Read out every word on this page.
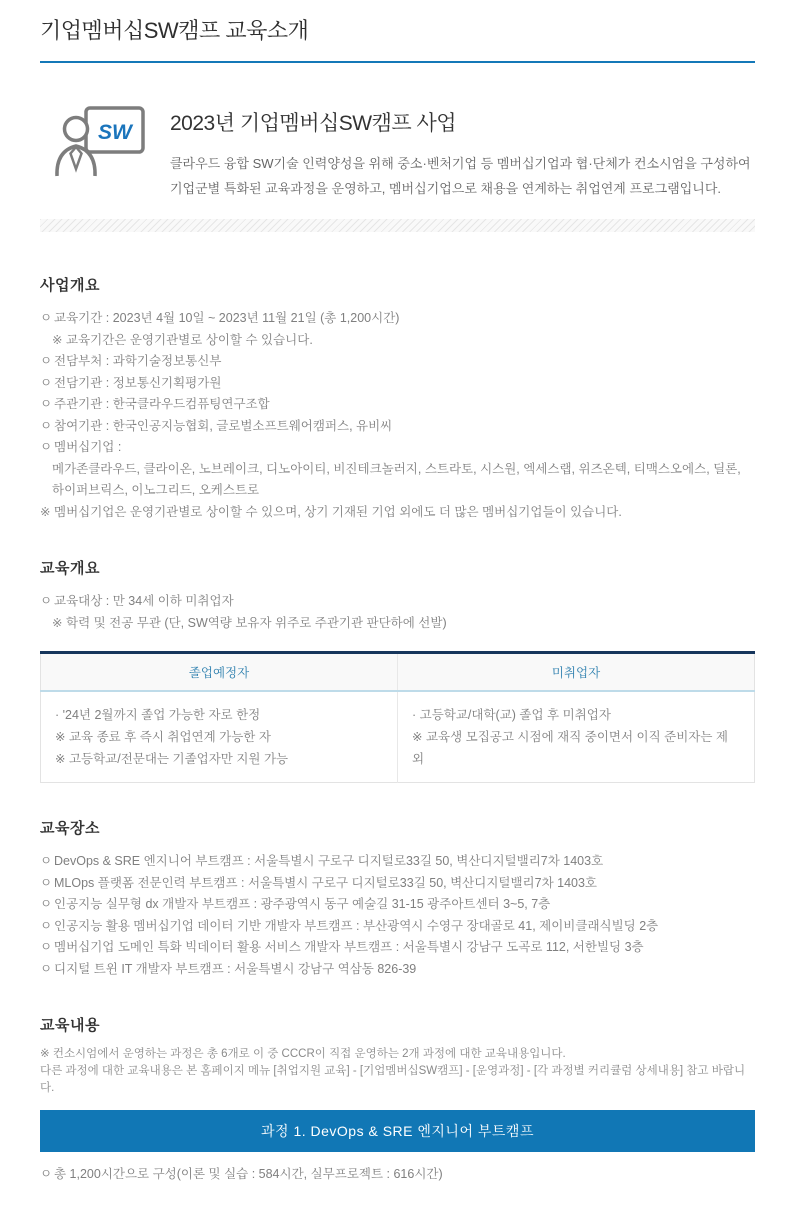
기업멤버십SW캠프 교육소개
SW 2023년 기업멤버십SW캠프 사업
클라우드 융합 SW기술 인력양성을 위해 중소·벤처기업 등 멤버십기업과 협·단체가 컨소시엄을 구성하여 기업군별 특화된 교육과정을 운영하고, 멤버십기업으로 채용을 연계하는 취업연계 프로그램입니다.
사업개요
ㅇ 교육기간 : 2023년 4월 10일 ~ 2023년 11월 21일 (총 1,200시간)
※ 교육기간은 운영기관별로 상이할 수 있습니다.
ㅇ 전담부처 : 과학기술정보통신부
ㅇ 전담기관 : 정보통신기획평가원
ㅇ 주관기관 : 한국클라우드컴퓨팅연구조합
ㅇ 참여기관 : 한국인공지능협회, 글로벌소프트웨어캠퍼스, 유비씨
ㅇ 멤버십기업 :
메가존클라우드, 클라이온, 노브레이크, 디노아이티, 비진테크놀러지, 스트라토, 시스원, 엑세스랩, 위즈온텍, 티맥스오에스, 딜론, 하이퍼브릭스, 이노그리드, 오케스트로
※ 멤버십기업은 운영기관별로 상이할 수 있으며, 상기 기재된 기업 외에도 더 많은 멤버십기업들이 있습니다.
교육개요
ㅇ 교육대상 : 만 34세 이하 미취업자
※ 학력 및 전공 무관 (단, SW역량 보유자 위주로 주관기관 판단하에 선발)
졸업예정자	미취업자

· '24년 2월까지 졸업 가능한 자로 한정
※ 교육 종료 후 즉시 취업연계 가능한 자
※ 고등학교/전문대는 기졸업자만 지원 가능

· 고등학교/대학(교) 졸업 후 미취업자
※ 교육생 모집공고 시점에 재직 중이면서 이직 준비자는 제외
교육장소
ㅇ DevOps & SRE 엔지니어 부트캠프 : 서울특별시 구로구 디지털로33길 50, 벽산디지털밸리7차 1403호
ㅇ MLOps 플랫폼 전문인력 부트캠프 : 서울특별시 구로구 디지털로33길 50, 벽산디지털밸리7차 1403호
ㅇ 인공지능 실무형 dx 개발자 부트캠프 : 광주광역시 동구 예술길 31-15 광주아트센터 3~5, 7층
ㅇ 인공지능 활용 멤버십기업 데이터 기반 개발자 부트캠프 : 부산광역시 수영구 장대골로 41, 제이비클래식빌딩 2층
ㅇ 멤버십기업 도메인 특화 빅데이터 활용 서비스 개발자 부트캠프 : 서울특별시 강남구 도곡로 112, 서한빌딩 3층
ㅇ 디지털 트윈 IT 개발자 부트캠프 : 서울특별시 강남구 역삼동 826-39
교육내용
※ 컨소시엄에서 운영하는 과정은 총 6개로 이 중 CCCR이 직접 운영하는 2개 과정에 대한 교육내용입니다.
다른 과정에 대한 교육내용은 본 홈페이지 메뉴 [취업지원 교육] - [기업멤버십SW캠프] - [운영과정] - [각 과정별 커리큘럼 상세내용] 참고 바랍니다.
과정 1. DevOps & SRE 엔지니어 부트캠프
ㅇ 총 1,200시간으로 구성(이론 및 실습 : 584시간, 실무프로젝트 : 616시간)
